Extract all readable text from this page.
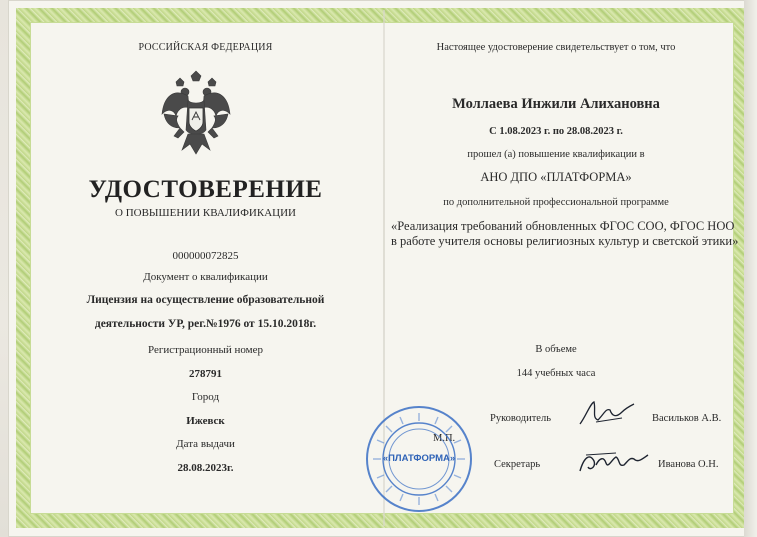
РОССИЙСКАЯ ФЕДЕРАЦИЯ
УДОСТОВЕРЕНИЕ
О ПОВЫШЕНИИ КВАЛИФИКАЦИИ
000000072825
Документ о квалификации
Лицензия на осуществление образовательной
деятельности УР, рег.№1976 от 15.10.2018г.
Регистрационный номер
278791
Город
Ижевск
Дата выдачи
28.08.2023г.
Настоящее удостоверение свидетельствует о том, что
Моллаева Инжили Алихановна
С 1.08.2023 г. по 28.08.2023 г.
прошел (а) повышение квалификации в
АНО ДПО «ПЛАТФОРМА»
по дополнительной профессиональной программе
«Реализация требований обновленных ФГОС СОО, ФГОС НОО
в работе учителя основы религиозных культур и светской этики»
В объеме
144 учебных часа
Руководитель	Васильков А.В.
М.П.
Секретарь	Иванова О.Н.
«ПЛАТФОРМА»
